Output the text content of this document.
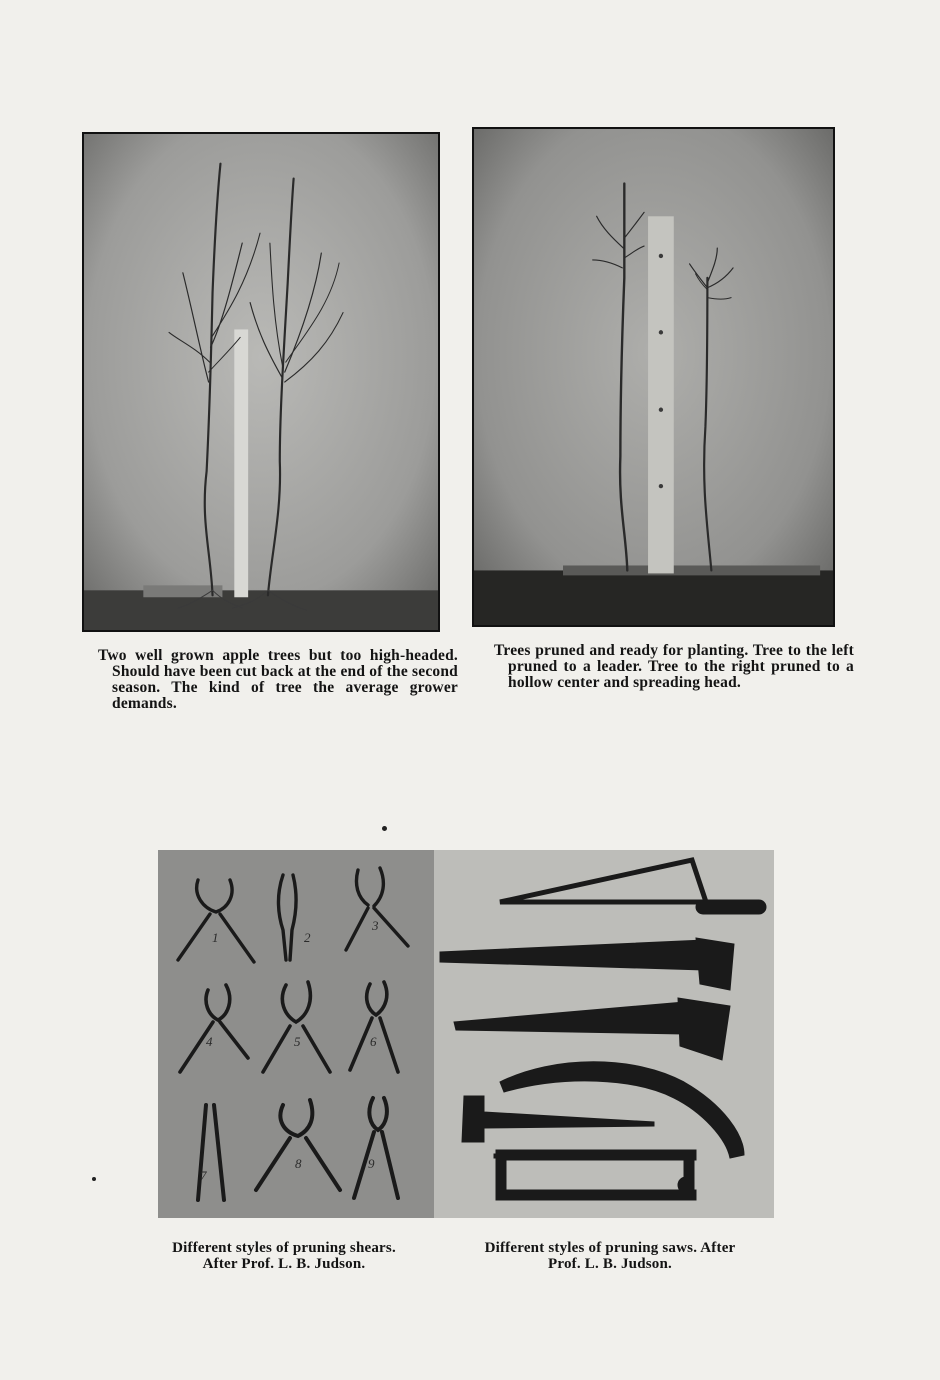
Two well grown apple trees but too high-headed. Should have been cut back at the end of the second season. The kind of tree the average grower demands.

Trees pruned and ready for planting. Tree to the left pruned to a leader. Tree to the right pruned to a hollow center and spreading head.

1	2
3
4	5	6
7
8	9
Different styles of pruning shears.
After Prof. L. B. Judson.
Different styles of pruning saws. After
Prof. L. B. Judson.
